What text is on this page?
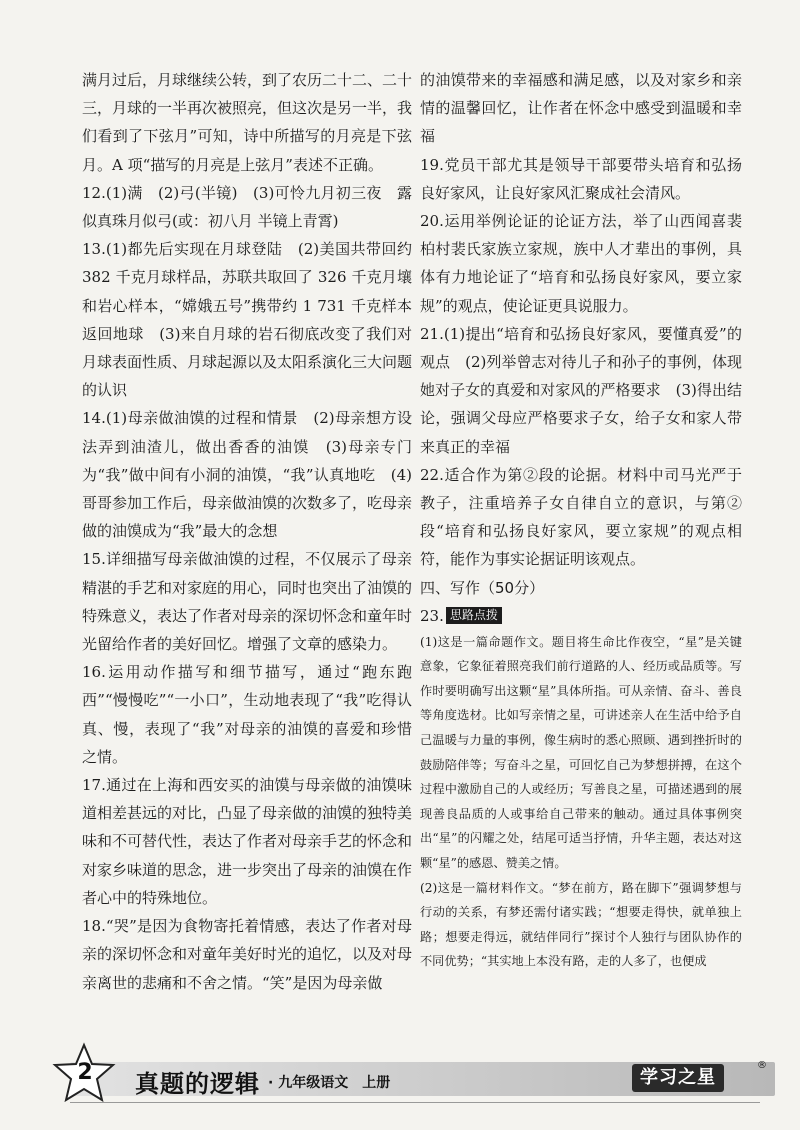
满月过后，月球继续公转，到了农历二十二、二十三，月球的一半再次被照亮，但这次是另一半，我们看到了下弦月”可知，诗中所描写的月亮是下弦月。A 项“描写的月亮是上弦月”表述不正确。
12.(1)满　(2)弓(半镜)　(3)可怜九月初三夜　露似真珠月似弓(或：初八月 半镜上青霄)
13.(1)都先后实现在月球登陆　(2)美国共带回约382 千克月球样品，苏联共取回了 326 千克月壤和岩心样本，“嫦娥五号”携带约 1 731 千克样本返回地球　(3)来自月球的岩石彻底改变了我们对月球表面性质、月球起源以及太阳系演化三大问题的认识
14.(1)母亲做油馍的过程和情景　(2)母亲想方设法弄到油渣儿，做出香香的油馍　(3)母亲专门为“我”做中间有小洞的油馍，“我”认真地吃　(4)哥哥参加工作后，母亲做油馍的次数多了，吃母亲做的油馍成为“我”最大的念想
15.详细描写母亲做油馍的过程，不仅展示了母亲精湛的手艺和对家庭的用心，同时也突出了油馍的特殊意义，表达了作者对母亲的深切怀念和童年时光留给作者的美好回忆。增强了文章的感染力。
16.运用动作描写和细节描写，通过“跑东跑西”“慢慢吃”“一小口”，生动地表现了“我”吃得认真、慢，表现了“我”对母亲的油馍的喜爱和珍惜之情。
17.通过在上海和西安买的油馍与母亲做的油馍味道相差甚远的对比，凸显了母亲做的油馍的独特美味和不可替代性，表达了作者对母亲手艺的怀念和对家乡味道的思念，进一步突出了母亲的油馍在作者心中的特殊地位。
18.“哭”是因为食物寄托着情感，表达了作者对母亲的深切怀念和对童年美好时光的追忆，以及对母亲离世的悲痛和不舍之情。“笑”是因为母亲做
的油馍带来的幸福感和满足感，以及对家乡和亲情的温馨回忆，让作者在怀念中感受到温暖和幸福
19.党员干部尤其是领导干部要带头培育和弘扬良好家风，让良好家风汇聚成社会清风。
20.运用举例论证的论证方法，举了山西闻喜裴柏村裴氏家族立家规，族中人才辈出的事例，具体有力地论证了“培育和弘扬良好家风，要立家规”的观点，使论证更具说服力。
21.(1)提出“培育和弘扬良好家风，要懂真爱”的观点　(2)列举曾志对待儿子和孙子的事例，体现她对子女的真爱和对家风的严格要求　(3)得出结论，强调父母应严格要求子女，给子女和家人带来真正的幸福
22.适合作为第②段的论据。材料中司马光严于教子，注重培养子女自律自立的意识，与第②段“培育和弘扬良好家风，要立家规”的观点相符，能作为事实论据证明该观点。
四、写作（50分）
23. 思路点拨
(1)这是一篇命题作文。题目将生命比作夜空，“星”是关键意象，它象征着照亮我们前行道路的人、经历或品质等。写作时要明确写出这颗“星”具体所指。可从亲情、奋斗、善良等角度选材。比如写亲情之星，可讲述亲人在生活中给予自己温暖与力量的事例，像生病时的悉心照顾、遇到挫折时的鼓励陪伴等；写奋斗之星，可回忆自己为梦想拼搏，在这个过程中激励自己的人或经历；写善良之星，可描述遇到的展现善良品质的人或事给自己带来的触动。通过具体事例突出“星”的闪耀之处，结尾可适当抒情，升华主题，表达对这颗“星”的感恩、赞美之情。
(2)这是一篇材料作文。“梦在前方，路在脚下”强调梦想与行动的关系，有梦还需付诸实践；“想要走得快，就单独上路；想要走得远，就结伴同行”探讨个人独行与团队协作的不同优势；“其实地上本没有路，走的人多了，也便成
2 真题的逻辑 · 九年级语文　上册	学习之星
®
